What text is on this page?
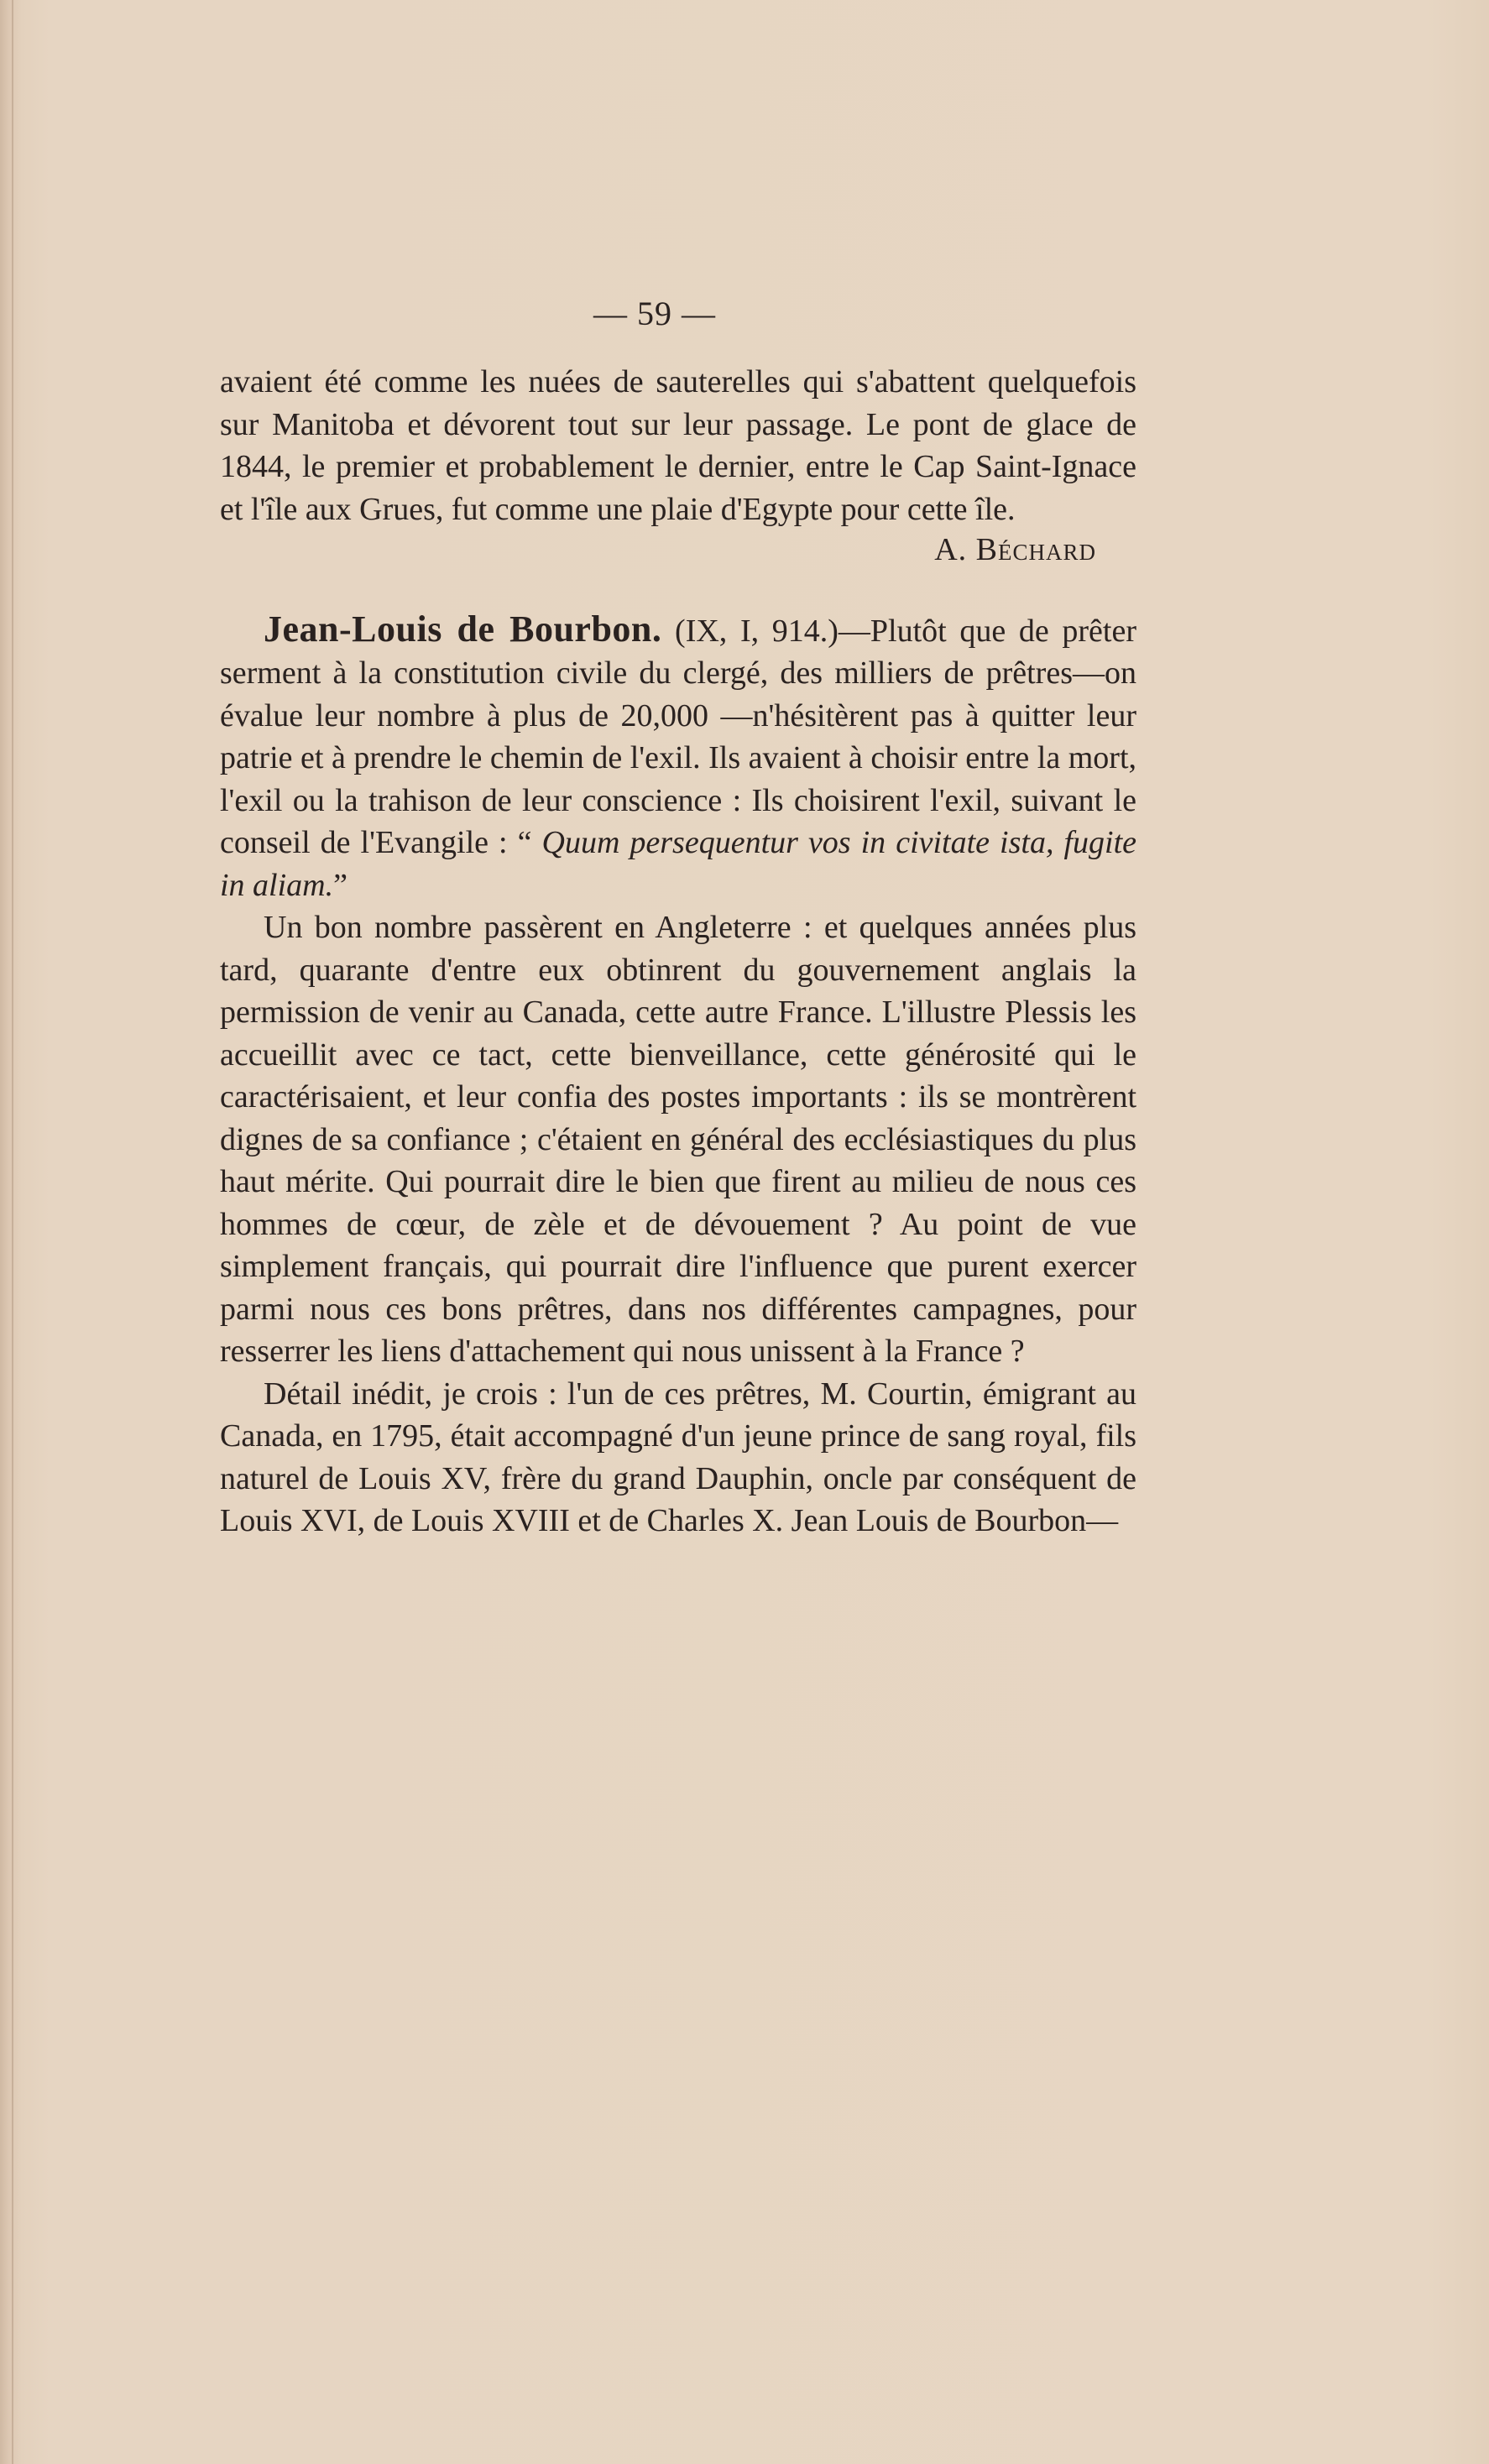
— 59 —

avaient été comme les nuées de sauterelles qui s'abattent quelquefois sur Manitoba et dévorent tout sur leur passage. Le pont de glace de 1844, le premier et probablement le dernier, entre le Cap Saint-Ignace et l'île aux Grues, fut comme une plaie d'Egypte pour cette île.

A. Béchard

Jean-Louis de Bourbon. (IX, I, 914.)—Plutôt que de prêter serment à la constitution civile du clergé, des milliers de prêtres—on évalue leur nombre à plus de 20,000 —n'hésitèrent pas à quitter leur patrie et à prendre le chemin de l'exil. Ils avaient à choisir entre la mort, l'exil ou la trahison de leur conscience : Ils choisirent l'exil, suivant le conseil de l'Evangile : “ Quum persequentur vos in civitate ista, fugite in aliam.”

Un bon nombre passèrent en Angleterre : et quelques années plus tard, quarante d'entre eux obtinrent du gouvernement anglais la permission de venir au Canada, cette autre France. L'illustre Plessis les accueillit avec ce tact, cette bienveillance, cette générosité qui le caractérisaient, et leur confia des postes importants : ils se montrèrent dignes de sa confiance ; c'étaient en général des ecclésiastiques du plus haut mérite. Qui pourrait dire le bien que firent au milieu de nous ces hommes de cœur, de zèle et de dévouement ? Au point de vue simplement français, qui pourrait dire l'influence que purent exercer parmi nous ces bons prêtres, dans nos différentes campagnes, pour resserrer les liens d'attachement qui nous unissent à la France ?

Détail inédit, je crois : l'un de ces prêtres, M. Courtin, émigrant au Canada, en 1795, était accompagné d'un jeune prince de sang royal, fils naturel de Louis XV, frère du grand Dauphin, oncle par conséquent de Louis XVI, de Louis XVIII et de Charles X. Jean Louis de Bourbon—
